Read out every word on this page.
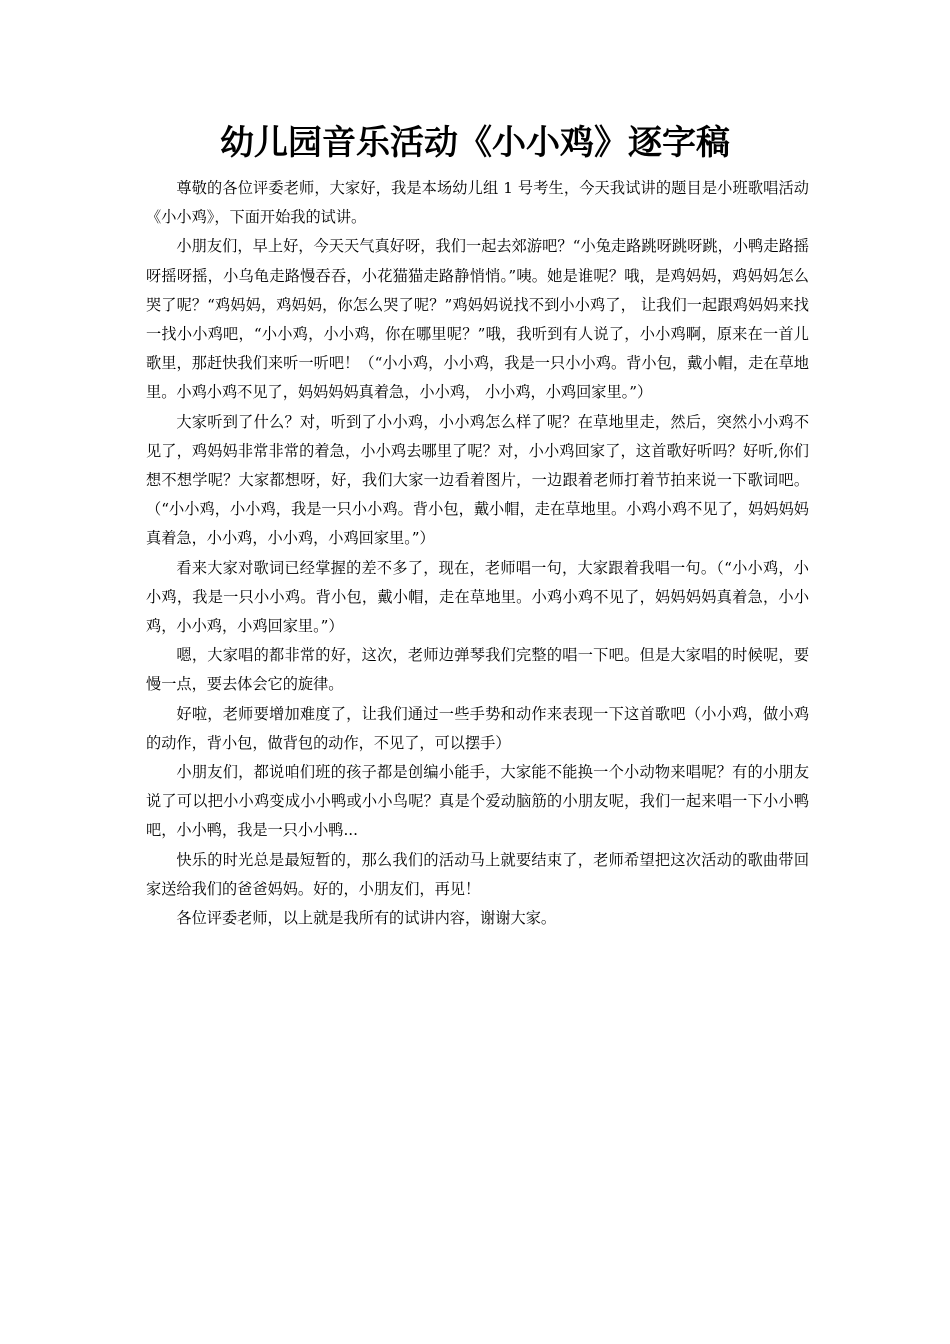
幼儿园音乐活动《小小鸡》逐字稿

尊敬的各位评委老师，大家好，我是本场幼儿组 1 号考生，今天我试讲的题目是小班歌唱活动《小小鸡》，下面开始我的试讲。

小朋友们，早上好，今天天气真好呀，我们一起去郊游吧？“小兔走路跳呀跳呀跳，小鸭走路摇呀摇呀摇，小乌龟走路慢吞吞，小花猫猫走路静悄悄。”咦。她是谁呢？哦，是鸡妈妈，鸡妈妈怎么哭了呢？“鸡妈妈，鸡妈妈，你怎么哭了呢？”鸡妈妈说找不到小小鸡了， 让我们一起跟鸡妈妈来找一找小小鸡吧，“小小鸡，小小鸡，你在哪里呢？”哦，我听到有人说了，小小鸡啊，原来在一首儿歌里，那赶快我们来听一听吧！（“小小鸡，小小鸡，我是一只小小鸡。背小包，戴小帽，走在草地里。小鸡小鸡不见了，妈妈妈妈真着急，小小鸡， 小小鸡，小鸡回家里。”）

大家听到了什么？对，听到了小小鸡，小小鸡怎么样了呢？在草地里走，然后，突然小小鸡不见了，鸡妈妈非常非常的着急，小小鸡去哪里了呢？对，小小鸡回家了，这首歌好听吗？好听,你们想不想学呢？大家都想呀，好，我们大家一边看着图片，一边跟着老师打着节拍来说一下歌词吧。（“小小鸡，小小鸡，我是一只小小鸡。背小包，戴小帽，走在草地里。小鸡小鸡不见了，妈妈妈妈真着急，小小鸡，小小鸡，小鸡回家里。”）

看来大家对歌词已经掌握的差不多了，现在，老师唱一句，大家跟着我唱一句。（“小小鸡，小小鸡，我是一只小小鸡。背小包，戴小帽，走在草地里。小鸡小鸡不见了，妈妈妈妈真着急，小小鸡，小小鸡，小鸡回家里。”）

嗯，大家唱的都非常的好，这次，老师边弹琴我们完整的唱一下吧。但是大家唱的时候呢，要慢一点，要去体会它的旋律。

好啦，老师要增加难度了，让我们通过一些手势和动作来表现一下这首歌吧（小小鸡，做小鸡的动作，背小包，做背包的动作，不见了，可以摆手）

小朋友们，都说咱们班的孩子都是创编小能手，大家能不能换一个小动物来唱呢？有的小朋友说了可以把小小鸡变成小小鸭或小小鸟呢？真是个爱动脑筋的小朋友呢，我们一起来唱一下小小鸭吧，小小鸭，我是一只小小鸭...

快乐的时光总是最短暂的，那么我们的活动马上就要结束了，老师希望把这次活动的歌曲带回家送给我们的爸爸妈妈。好的，小朋友们，再见！

各位评委老师，以上就是我所有的试讲内容，谢谢大家。
